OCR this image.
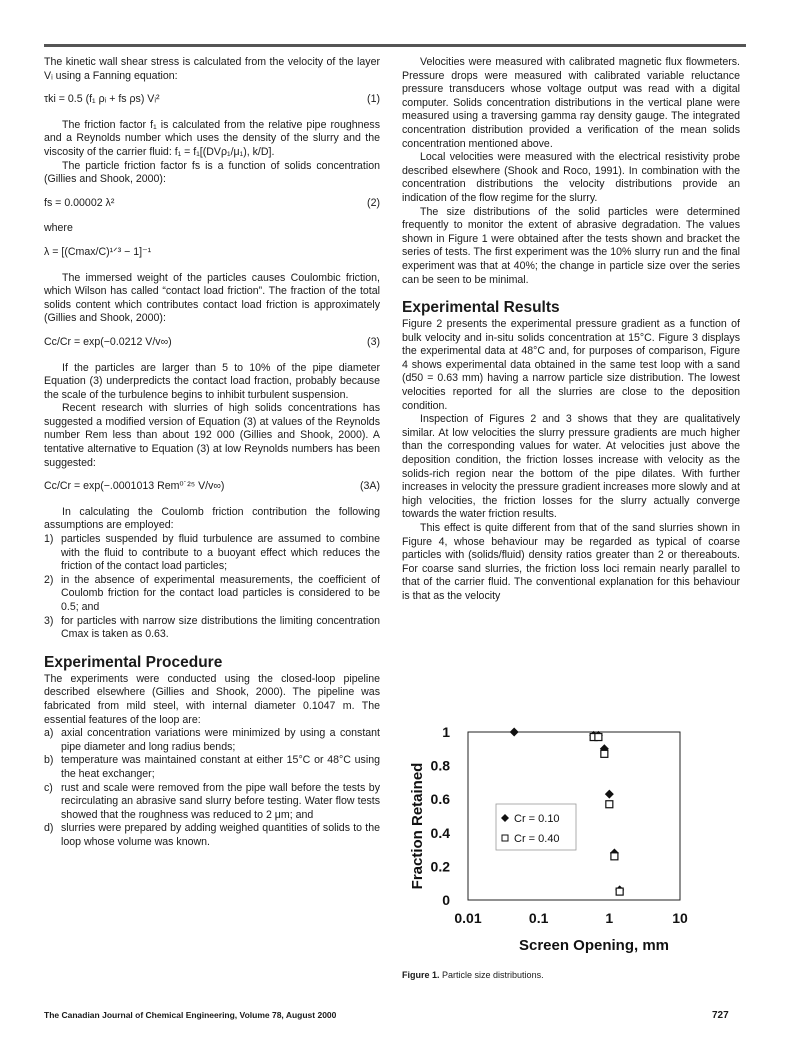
The kinetic wall shear stress is calculated from the velocity of the layer Vᵢ using a Fanning equation:

τki = 0.5 (f₁ ρᵢ + fs ρs) Vᵢ²	(1)

The friction factor f₁ is calculated from the relative pipe roughness and a Reynolds number which uses the density of the slurry and the viscosity of the carrier fluid: f₁ = f₁[(DVρ₁/μ₁), k/D].

The particle friction factor fs is a function of solids concentration (Gillies and Shook, 2000):

fs = 0.00002 λ²	(2)

where

λ = [(Cmax/C)¹ᐟ³ − 1]⁻¹

The immersed weight of the particles causes Coulombic friction, which Wilson has called “contact load friction”. The fraction of the total solids content which contributes contact load friction is approximately (Gillies and Shook, 2000):

Cc/Cr = exp(−0.0212 V/v∞)	(3)

If the particles are larger than 5 to 10% of the pipe diameter Equation (3) underpredicts the contact load fraction, probably because the scale of the turbulence begins to inhibit turbulent suspension.

Recent research with slurries of high solids concentrations has suggested a modified version of Equation (3) at values of the Reynolds number Rem less than about 192 000 (Gillies and Shook, 2000). A tentative alternative to Equation (3) at low Reynolds numbers has been suggested:

Cc/Cr = exp(−.0001013 Rem⁰˙²⁵ V/v∞)	(3A)

In calculating the Coulomb friction contribution the following assumptions are employed:

1) particles suspended by fluid turbulence are assumed to combine with the fluid to contribute to a buoyant effect which reduces the friction of the contact load particles;
2) in the absence of experimental measurements, the coefficient of Coulomb friction for the contact load particles is considered to be 0.5; and
3) for particles with narrow size distributions the limiting concentration Cmax is taken as 0.63.
Experimental Procedure

The experiments were conducted using the closed-loop pipeline described elsewhere (Gillies and Shook, 2000). The pipeline was fabricated from mild steel, with internal diameter 0.1047 m. The essential features of the loop are:

a) axial concentration variations were minimized by using a constant pipe diameter and long radius bends;
b) temperature was maintained constant at either 15°C or 48°C using the heat exchanger;
c) rust and scale were removed from the pipe wall before the tests by recirculating an abrasive sand slurry before testing. Water flow tests showed that the roughness was reduced to 2 μm; and
d) slurries were prepared by adding weighed quantities of solids to the loop whose volume was known.

Velocities were measured with calibrated magnetic flux flowmeters. Pressure drops were measured with calibrated variable reluctance pressure transducers whose voltage output was read with a digital computer. Solids concentration distributions in the vertical plane were measured using a traversing gamma ray density gauge. The integrated concentration distribution provided a verification of the mean solids concentration mentioned above.

Local velocities were measured with the electrical resistivity probe described elsewhere (Shook and Roco, 1991). In combination with the concentration distributions the velocity distributions provide an indication of the flow regime for the slurry.

The size distributions of the solid particles were determined frequently to monitor the extent of abrasive degradation. The values shown in Figure 1 were obtained after the tests shown and bracket the series of tests. The first experiment was the 10% slurry run and the final experiment was that at 40%; the change in particle size over the series can be seen to be minimal.

Experimental Results

Figure 2 presents the experimental pressure gradient as a function of bulk velocity and in-situ solids concentration at 15°C. Figure 3 displays the experimental data at 48°C and, for purposes of comparison, Figure 4 shows experimental data obtained in the same test loop with a sand (d50 = 0.63 mm) having a narrow particle size distribution. The lowest velocities reported for all the slurries are close to the deposition condition.

Inspection of Figures 2 and 3 shows that they are qualitatively similar. At low velocities the slurry pressure gradients are much higher than the corresponding values for water. At velocities just above the deposition condition, the friction losses increase with velocity as the solids-rich region near the bottom of the pipe dilates. With further increases in velocity the pressure gradient increases more slowly and at high velocities, the friction losses for the slurry actually converge towards the water friction results.

This effect is quite different from that of the sand slurries shown in Figure 4, whose behaviour may be regarded as typical of coarse particles with (solids/fluid) density ratios greater than 2 or thereabouts. For coarse sand slurries, the friction loss loci remain nearly parallel to that of the carrier fluid. The conventional explanation for this behaviour is that as the velocity

0
0.2
0.4
0.6
0.8
1
0.01	0.1	1	10
Screen Opening, mm
Fraction Retained	Cr = 0.10
Cr = 0.40
Figure 1. Particle size distributions.
The Canadian Journal of Chemical Engineering, Volume 78, August 2000	727
